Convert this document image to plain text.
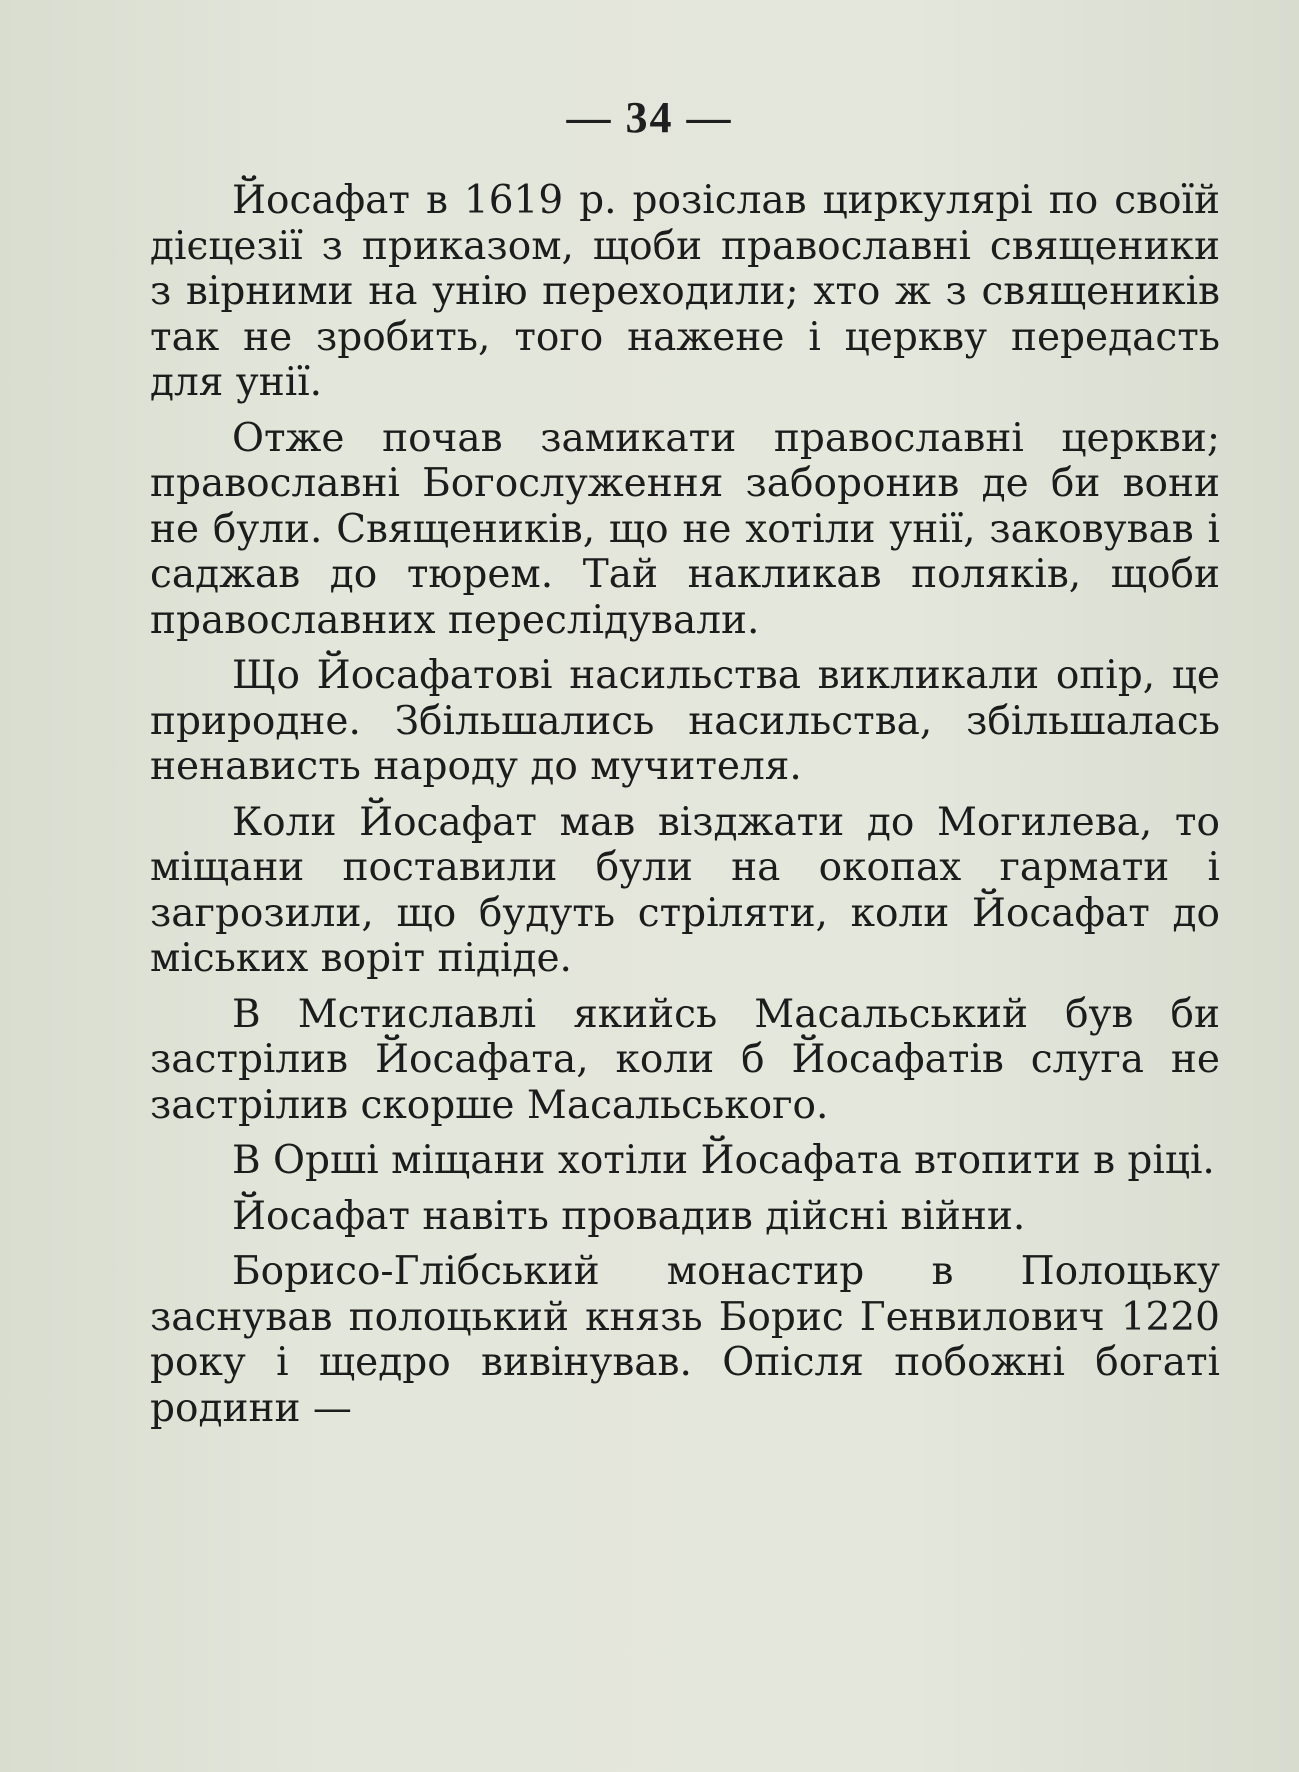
— 34 —

Йосафат в 1619 р. розіслав циркулярі по своїй дієцезії з приказом, щоби православні священики з вірними на унію переходили; хто ж з священиків так не зробить, того нажене і церкву передасть для унії.

Отже почав замикати православні церкви; православні Богослуження заборонив де би вони не були. Священиків, що не хотіли унії, заковував і саджав до тюрем. Тай накликав поляків, щоби православних переслідували.

Що Йосафатові насильства викликали опір, це природне. Збільшались насильства, збільшалась ненависть народу до мучителя.

Коли Йосафат мав візджати до Могилева, то міщани поставили були на окопах гармати і загрозили, що будуть стріляти, коли Йосафат до міських воріт підіде.

В Мстиславлі якийсь Масальський був би застрілив Йосафата, коли б Йосафатів слуга не застрілив скорше Масальського.

В Орші міщани хотіли Йосафата втопити в ріці.

Йосафат навіть провадив дійсні війни.

Борисо-Глібський монастир в Полоцьку заснував полоцький князь Борис Генвилович 1220 року і щедро вивінував. Опісля побожні богаті родини —
